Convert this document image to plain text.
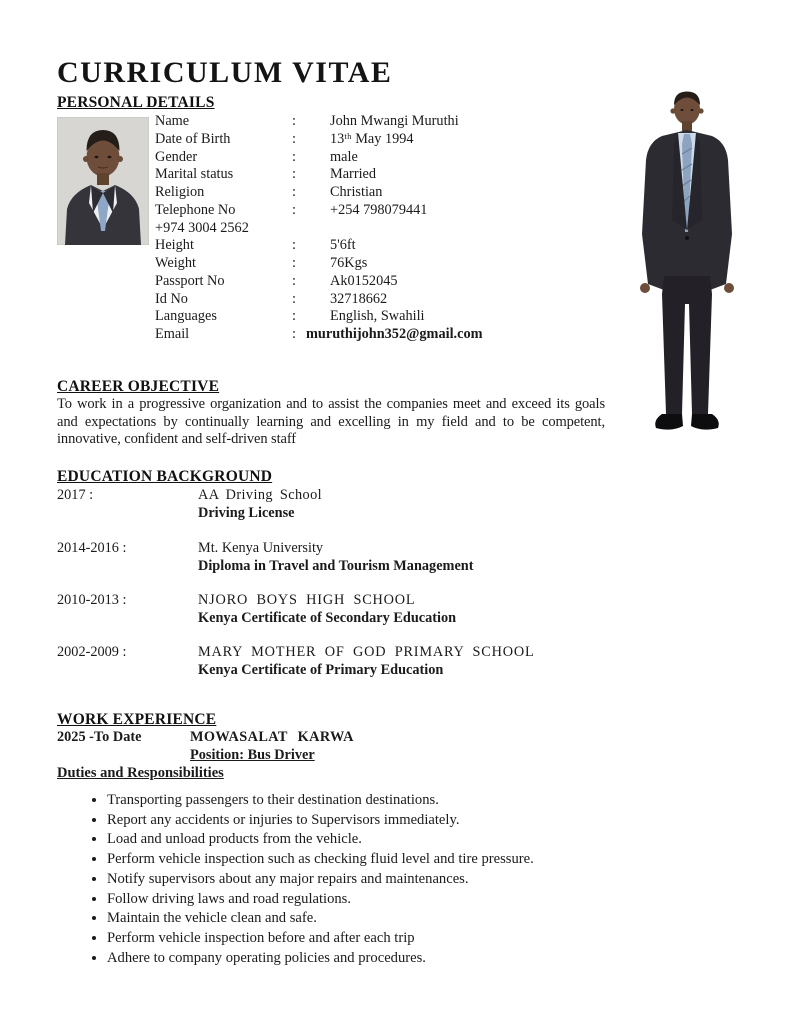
CURRICULUM VITAE
PERSONAL DETAILS
Name	:	John Mwangi Muruthi
Date of Birth	:	13ᵗʰ May 1994
Gender	:	male
Marital status	:	Married
Religion	:	Christian
Telephone No	:	+254 798079441
+974 3004 2562
Height	:	5'6ft
Weight	:	76Kgs
Passport No	:	Ak0152045
Id No	:	32718662
Languages	:	English, Swahili
Email	: muruthijohn352@gmail.com
CAREER OBJECTIVE
To work in a progressive organization and to assist the companies meet and exceed its goals and expectations by continually learning and excelling in my field and to be competent, innovative, confident and self-driven staff
EDUCATION BACKGROUND
2017 :	AA Driving School
Driving License
2014-2016 :	Mt. Kenya University
Diploma in Travel and Tourism Management
2010-2013 :	NJORO BOYS HIGH SCHOOL
Kenya Certificate of Secondary Education
2002-2009 :	MARY MOTHER OF GOD PRIMARY SCHOOL
Kenya Certificate of Primary Education
WORK EXPERIENCE
2025 -To Date	MOWASALAT KARWA
Position: Bus Driver
Duties and Responsibilities
• Transporting passengers to their destination destinations.
• Report any accidents or injuries to Supervisors immediately.
• Load and unload products from the vehicle.
• Perform vehicle inspection such as checking fluid level and tire pressure.
• Notify supervisors about any major repairs and maintenances.
• Follow driving laws and road regulations.
• Maintain the vehicle clean and safe.
• Perform vehicle inspection before and after each trip
• Adhere to company operating policies and procedures.
